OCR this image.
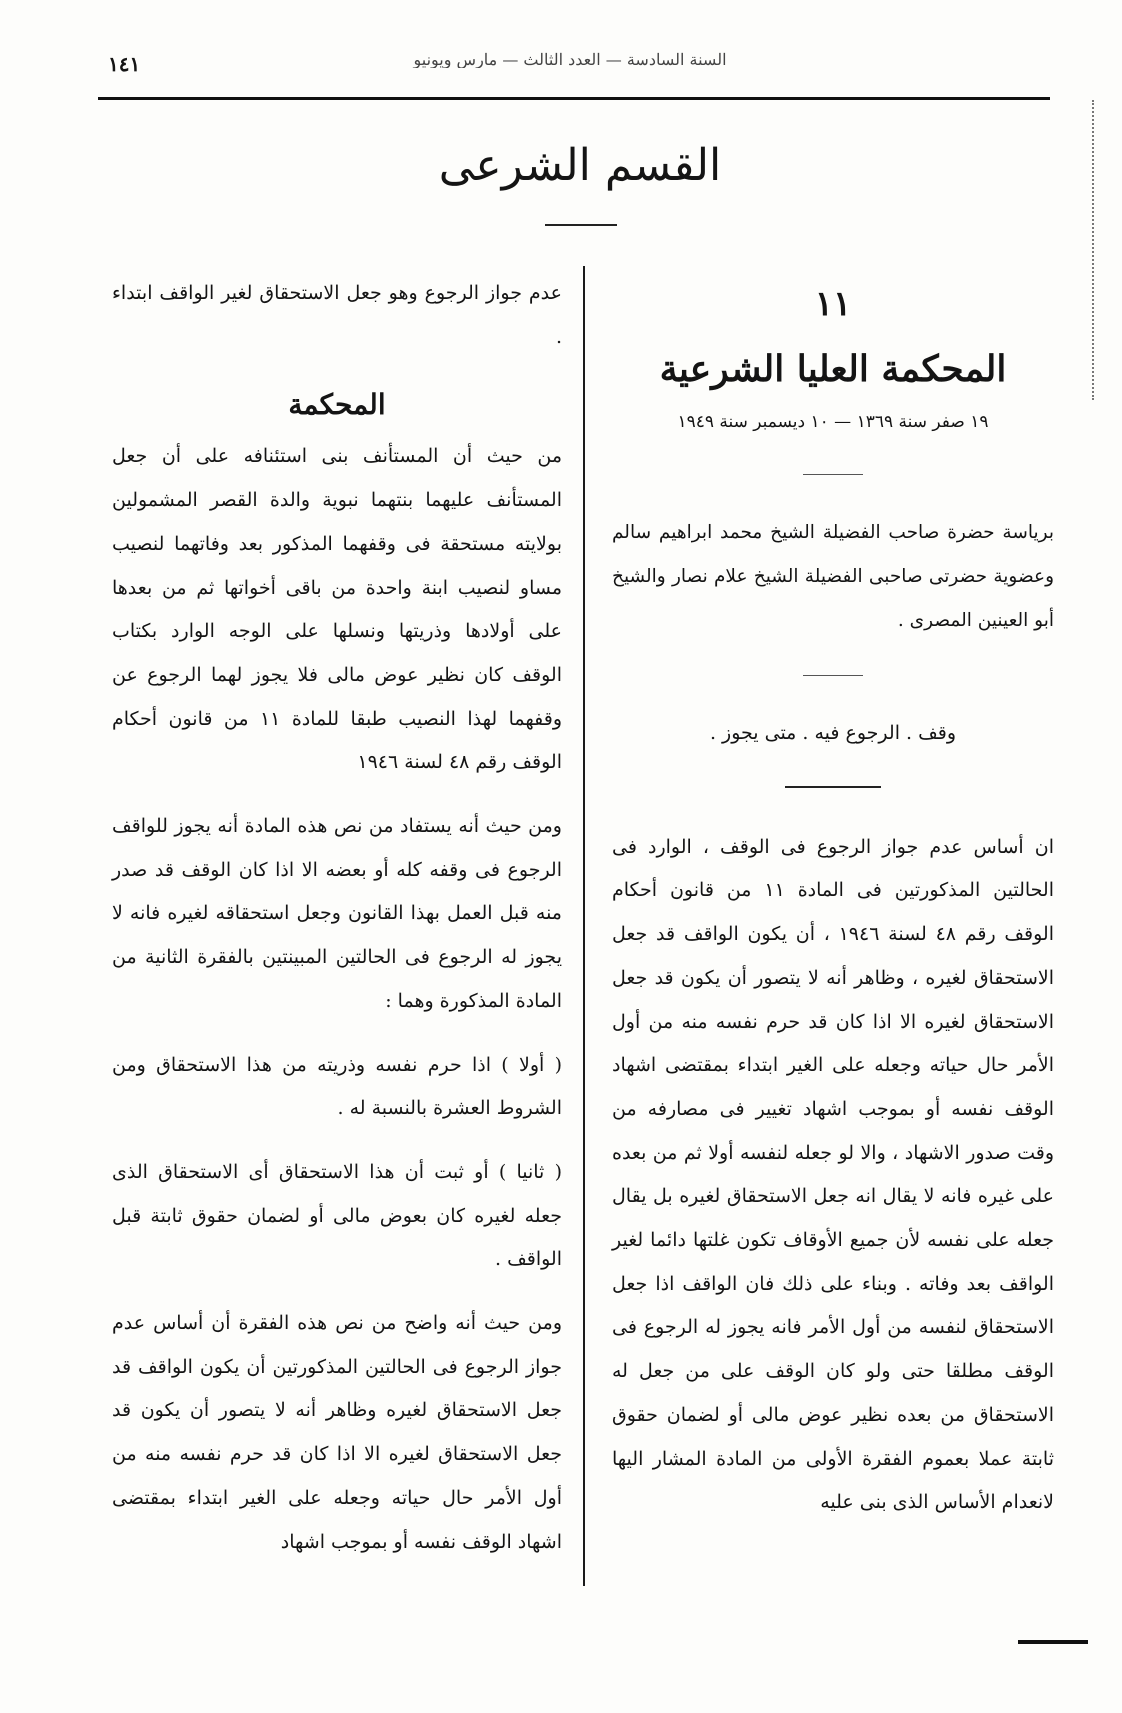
١٤١	السنة السادسة — العدد الثالث — مارس ويونيو
القسم الشرعى
١١
المحكمة العليا الشرعية
١٩ صفر سنة ١٣٦٩ — ١٠ ديسمبر سنة ١٩٤٩
برياسة حضرة صاحب الفضيلة الشيخ محمد ابراهيم سالم وعضوية حضرتى صاحبى الفضيلة الشيخ علام نصار والشيخ أبو العينين المصرى .
وقف . الرجوع فيه . متى يجوز .

ان أساس عدم جواز الرجوع فى الوقف ، الوارد فى الحالتين المذكورتين فى المادة ١١ من قانون أحكام الوقف رقم ٤٨ لسنة ١٩٤٦ ، أن يكون الواقف قد جعل الاستحقاق لغيره ، وظاهر أنه لا يتصور أن يكون قد جعل الاستحقاق لغيره الا اذا كان قد حرم نفسه منه من أول الأمر حال حياته وجعله على الغير ابتداء بمقتضى اشهاد الوقف نفسه أو بموجب اشهاد تغيير فى مصارفه من وقت صدور الاشهاد ، والا لو جعله لنفسه أولا ثم من بعده على غيره فانه لا يقال انه جعل الاستحقاق لغيره بل يقال جعله على نفسه لأن جميع الأوقاف تكون غلتها دائما لغير الواقف بعد وفاته . وبناء على ذلك فان الواقف اذا جعل الاستحقاق لنفسه من أول الأمر فانه يجوز له الرجوع فى الوقف مطلقا حتى ولو كان الوقف على من جعل له الاستحقاق من بعده نظير عوض مالى أو لضمان حقوق ثابتة عملا بعموم الفقرة الأولى من المادة المشار اليها لانعدام الأساس الذى بنى عليه

عدم جواز الرجوع وهو جعل الاستحقاق لغير الواقف ابتداء .

المحكمة

من حيث أن المستأنف بنى استئنافه على أن جعل المستأنف عليهما بنتهما نبوية والدة القصر المشمولين بولايته مستحقة فى وقفهما المذكور بعد وفاتهما لنصيب مساو لنصيب ابنة واحدة من باقى أخواتها ثم من بعدها على أولادها وذريتها ونسلها على الوجه الوارد بكتاب الوقف كان نظير عوض مالى فلا يجوز لهما الرجوع عن وقفهما لهذا النصيب طبقا للمادة ١١ من قانون أحكام الوقف رقم ٤٨ لسنة ١٩٤٦

ومن حيث أنه يستفاد من نص هذه المادة أنه يجوز للواقف الرجوع فى وقفه كله أو بعضه الا اذا كان الوقف قد صدر منه قبل العمل بهذا القانون وجعل استحقاقه لغيره فانه لا يجوز له الرجوع فى الحالتين المبينتين بالفقرة الثانية من المادة المذكورة وهما :

( أولا ) اذا حرم نفسه وذريته من هذا الاستحقاق ومن الشروط العشرة بالنسبة له .

( ثانيا ) أو ثبت أن هذا الاستحقاق أى الاستحقاق الذى جعله لغيره كان بعوض مالى أو لضمان حقوق ثابتة قبل الواقف .

ومن حيث أنه واضح من نص هذه الفقرة أن أساس عدم جواز الرجوع فى الحالتين المذكورتين أن يكون الواقف قد جعل الاستحقاق لغيره وظاهر أنه لا يتصور أن يكون قد جعل الاستحقاق لغيره الا اذا كان قد حرم نفسه منه من أول الأمر حال حياته وجعله على الغير ابتداء بمقتضى اشهاد الوقف نفسه أو بموجب اشهاد
